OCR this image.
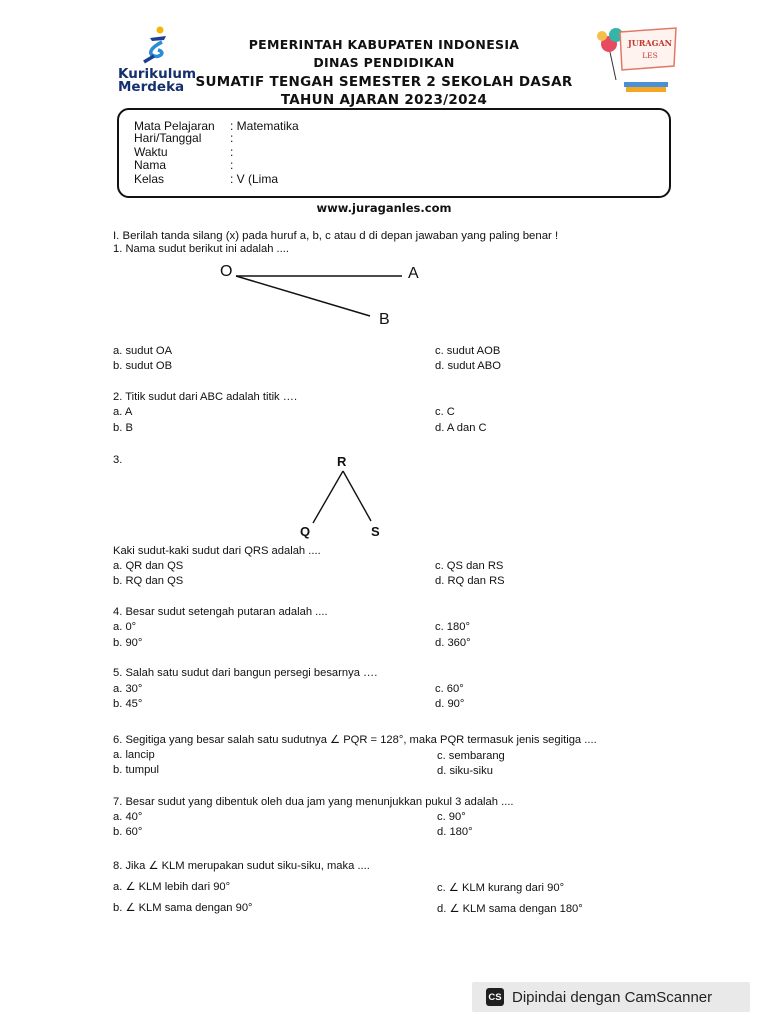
Kurikulum
Merdeka
JURAGAN
LES
PEMERINTAH KABUPATEN INDONESIA
DINAS PENDIDIKAN
SUMATIF TENGAH SEMESTER 2 SEKOLAH DASAR
TAHUN AJARAN 2023/2024
Mata Pelajaran : Matematika
Hari/Tanggal :
Waktu	:
Nama	:
Kelas	: V (Lima
www.juraganles.com
I. Berilah tanda silang (x) pada huruf a, b, c atau d di depan jawaban yang paling benar !
1. Nama sudut berikut ini adalah ....
O	A
B
a. sudut OA
b. sudut OB
c. sudut AOB
d. sudut ABO
2. Titik sudut dari ABC adalah titik ….
a. A
b. B
c. C
d. A dan C
3.	R
Q	S
Kaki sudut-kaki sudut dari QRS adalah ....
a. QR dan QS
b. RQ dan QS
c. QS dan RS
d. RQ dan RS
4. Besar sudut setengah putaran adalah ....
a. 0°
b. 90°
c. 180°
d. 360°
5. Salah satu sudut dari bangun persegi besarnya ….
a. 30°
b. 45°
c. 60°
d. 90°
6. Segitiga yang besar salah satu sudutnya ∠ PQR = 128°, maka PQR termasuk jenis segitiga ....
a. lancip
b. tumpul
c. sembarang
d. siku-siku
7. Besar sudut yang dibentuk oleh dua jam yang menunjukkan pukul 3 adalah ....
a. 40°
b. 60°
c. 90°
d. 180°
8. Jika ∠ KLM merupakan sudut siku-siku, maka ....
a. ∠ KLM lebih dari 90°
b. ∠ KLM sama dengan 90°
c. ∠ KLM kurang dari 90°
d. ∠ KLM sama dengan 180°
CS Dipindai dengan CamScanner
